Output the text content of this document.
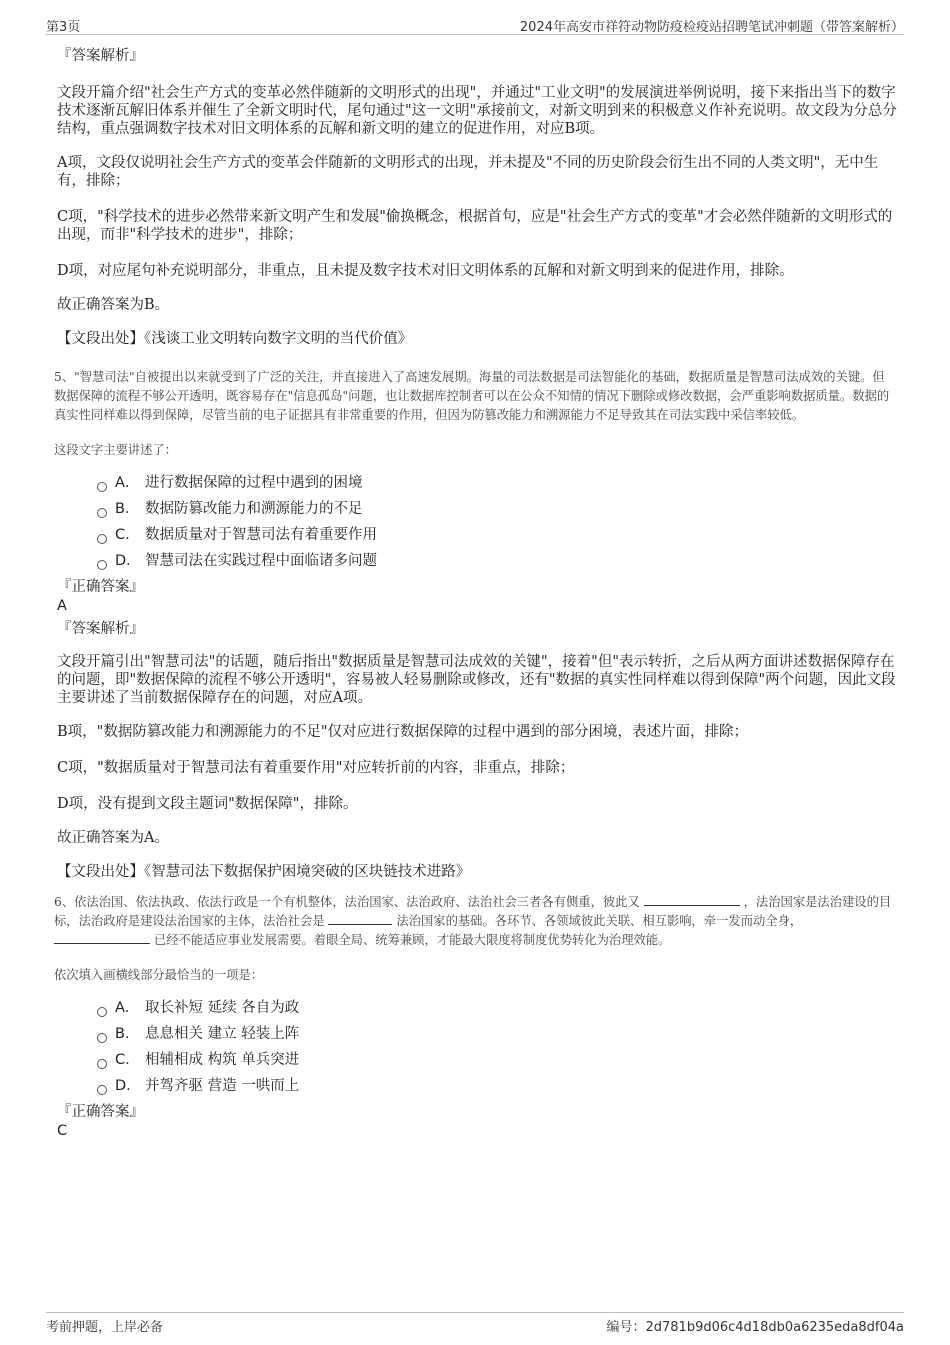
第3页	2024年高安市祥符动物防疫检疫站招聘笔试冲刺题（带答案解析）

『答案解析』

文段开篇介绍"社会生产方式的变革必然伴随新的文明形式的出现"，并通过"工业文明"的发展演进举例说明，接下来指出当下的数字技术逐渐瓦解旧体系并催生了全新文明时代，尾句通过"这一文明"承接前文，对新文明到来的积极意义作补充说明。故文段为分总分结构，重点强调数字技术对旧文明体系的瓦解和新文明的建立的促进作用，对应B项。

A项，文段仅说明社会生产方式的变革会伴随新的文明形式的出现，并未提及"不同的历史阶段会衍生出不同的人类文明"，无中生有，排除；

C项，"科学技术的进步必然带来新文明产生和发展"偷换概念，根据首句，应是"社会生产方式的变革"才会必然伴随新的文明形式的出现，而非"科学技术的进步"，排除；

D项，对应尾句补充说明部分，非重点，且未提及数字技术对旧文明体系的瓦解和对新文明到来的促进作用，排除。

故正确答案为B。

【文段出处】《浅谈工业文明转向数字文明的当代价值》

5、"智慧司法"自被提出以来就受到了广泛的关注，并直接进入了高速发展期。海量的司法数据是司法智能化的基础，数据质量是智慧司法成效的关键。但数据保障的流程不够公开透明，既容易存在"信息孤岛"问题，也让数据库控制者可以在公众不知情的情况下删除或修改数据，会严重影响数据质量。数据的真实性同样难以得到保障，尽管当前的电子证据具有非常重要的作用，但因为防篡改能力和溯源能力不足导致其在司法实践中采信率较低。

这段文字主要讲述了：

A． 进行数据保障的过程中遇到的困境
B． 数据防篡改能力和溯源能力的不足
C． 数据质量对于智慧司法有着重要作用
D． 智慧司法在实践过程中面临诸多问题

『正确答案』

A

『答案解析』

文段开篇引出"智慧司法"的话题，随后指出"数据质量是智慧司法成效的关键"，接着"但"表示转折，之后从两方面讲述数据保障存在的问题，即"数据保障的流程不够公开透明"，容易被人轻易删除或修改，还有"数据的真实性同样难以得到保障"两个问题，因此文段主要讲述了当前数据保障存在的问题，对应A项。

B项，"数据防篡改能力和溯源能力的不足"仅对应进行数据保障的过程中遇到的部分困境，表述片面，排除；

C项，"数据质量对于智慧司法有着重要作用"对应转折前的内容，非重点，排除；

D项，没有提到文段主题词"数据保障"，排除。

故正确答案为A。

【文段出处】《智慧司法下数据保护困境突破的区块链技术进路》

6、依法治国、依法执政、依法行政是一个有机整体，法治国家、法治政府、法治社会三者各有侧重，彼此又	，法治国家是法治建设的目标，法治政府是建设法治国家的主体，法治社会是	法治国家的基础。各环节、各领域彼此关联、相互影响，牵一发而动全身，  已经不能适应事业发展需要。着眼全局、统筹兼顾，才能最大限度将制度优势转化为治理效能。

依次填入画横线部分最恰当的一项是：

A． 取长补短 延续 各自为政
B． 息息相关 建立 轻装上阵
C． 相辅相成 构筑 单兵突进
D． 并驾齐驱 营造 一哄而上

『正确答案』

C

考前押题，上岸必备	编号：2d781b9d06c4d18db0a6235eda8df04a
